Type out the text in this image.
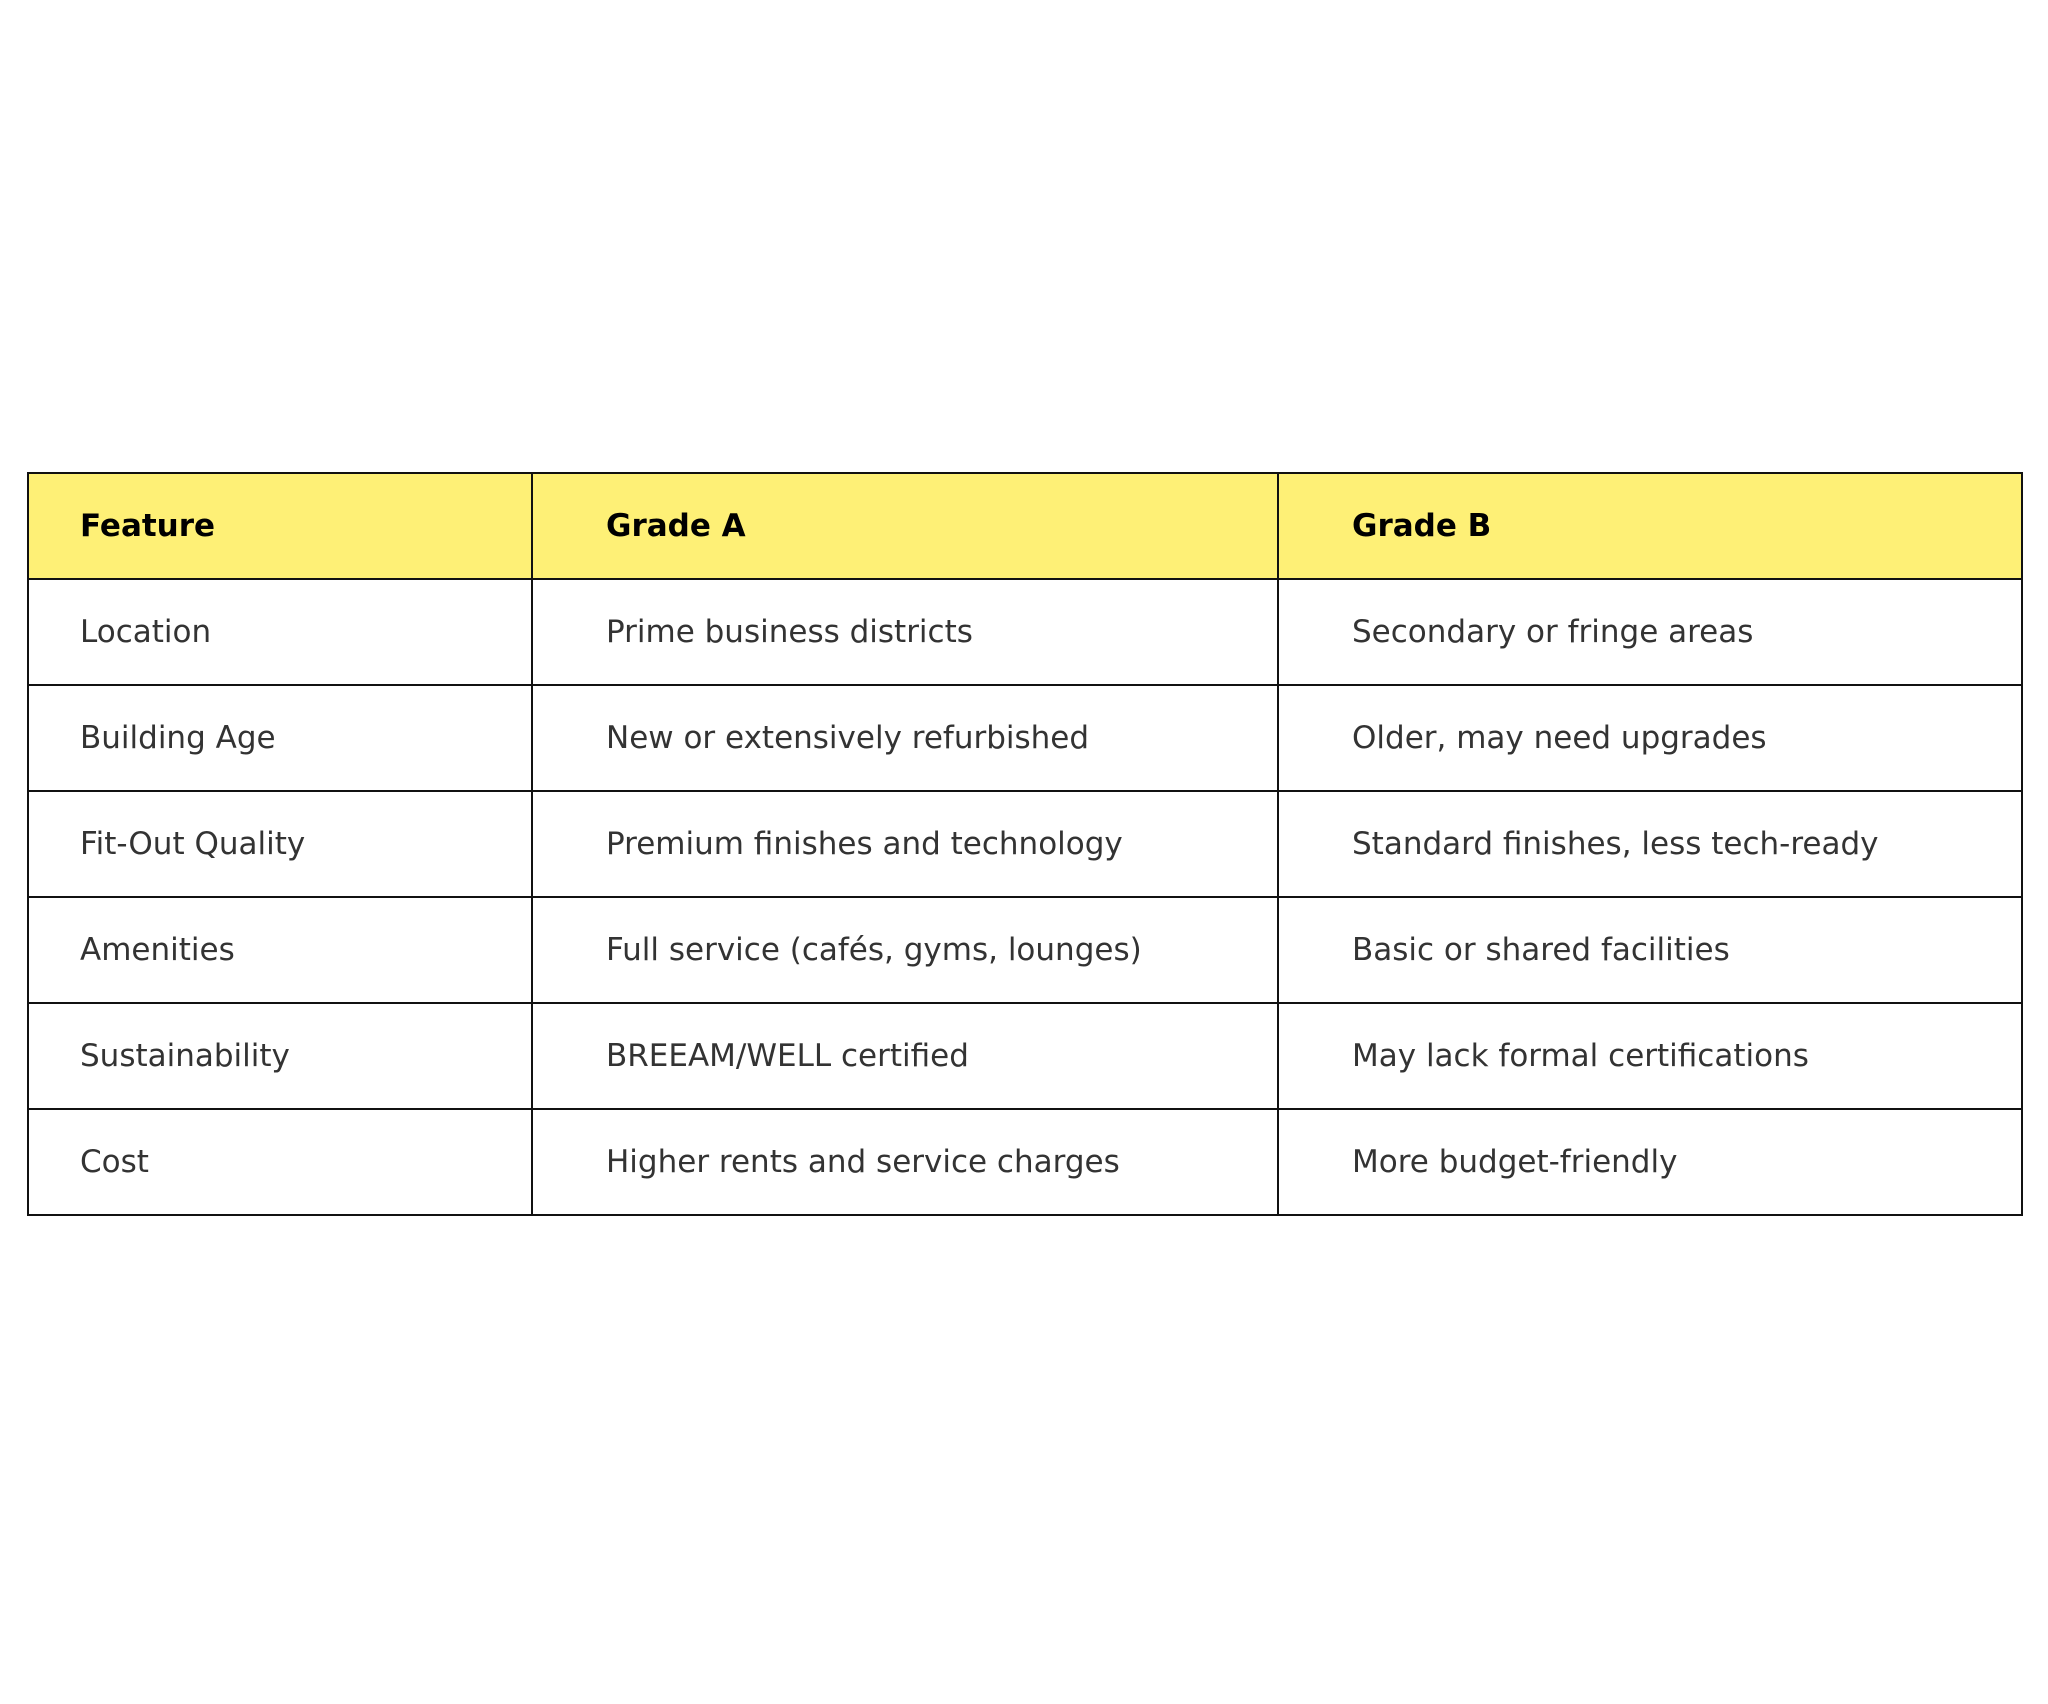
Feature	Grade A	Grade B
Location	Prime business districts	Secondary or fringe areas
Building Age	New or extensively refurbished	Older, may need upgrades
Fit-Out Quality	Premium finishes and technology	Standard finishes, less tech-ready
Amenities	Full service (cafés, gyms, lounges)	Basic or shared facilities
Sustainability	BREEAM/WELL certified	May lack formal certifications
Cost	Higher rents and service charges	More budget-friendly
